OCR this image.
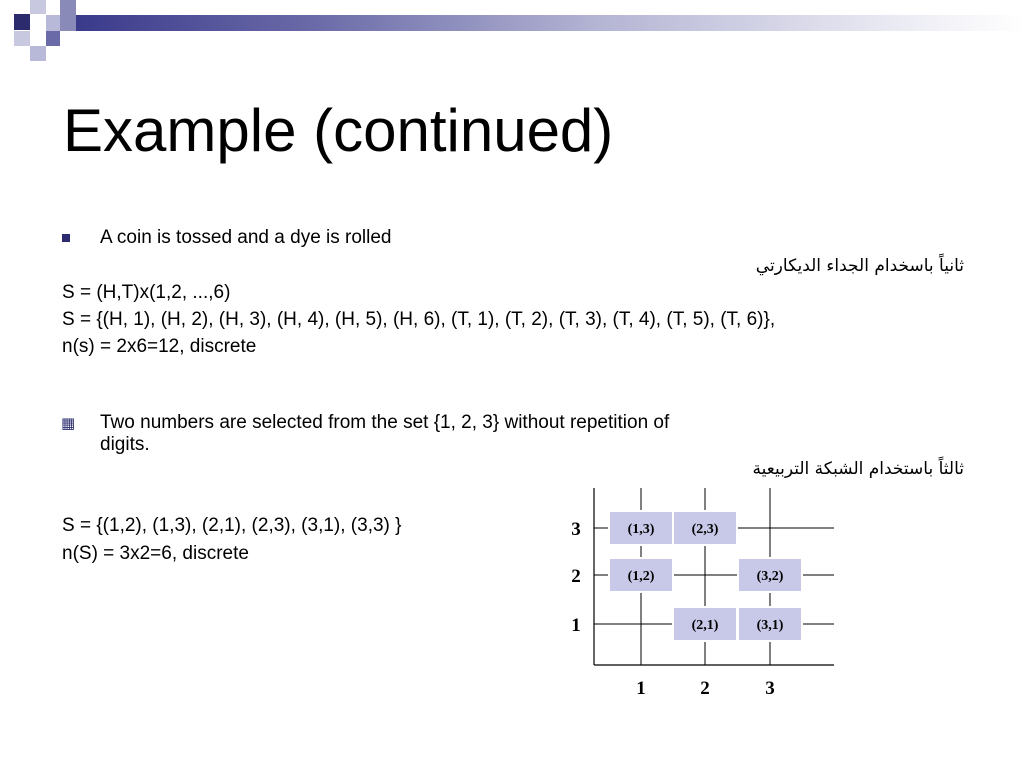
Example (continued)
A coin is tossed and a dye is rolled
ثانياً باسخدام الجداء الديكارتي
S = (H,T)x(1,2, ...,6)
S = {(H, 1), (H, 2), (H, 3), (H, 4), (H, 5), (H, 6), (T, 1), (T, 2), (T, 3), (T, 4), (T, 5), (T, 6)},
n(s) = 2x6=12, discrete
▦ Two numbers are selected from the set {1, 2, 3} without repetition of
digits.
ثالثاً باستخدام الشبكة التربيعية
S = {(1,2), (1,3), (2,1), (2,3), (3,1), (3,3) }
n(S) = 3x2=6, discrete
(1,3)	(2,3)
(1,2)	(3,2)
(2,1)	(3,1)
1	2	3
1
2
3
